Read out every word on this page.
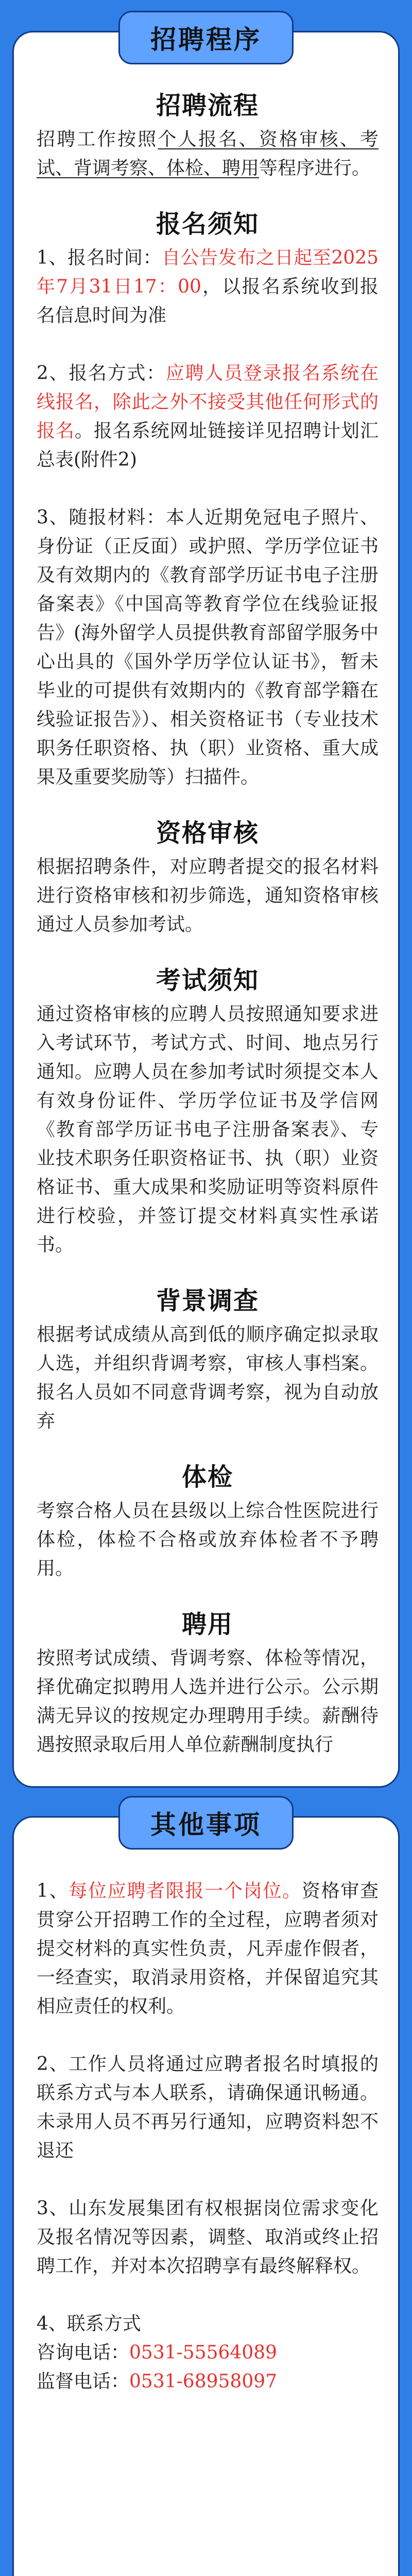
招聘程序
招聘流程

招聘工作按照个人报名、资格审核、考试、背调考察、体检、聘用等程序进行。

报名须知

1、报名时间：自公告发布之日起至2025年7月31日17：00，以报名系统收到报名信息时间为准

2、报名方式：应聘人员登录报名系统在线报名，除此之外不接受其他任何形式的报名。报名系统网址链接详见招聘计划汇总表(附件2)

3、随报材料：本人近期免冠电子照片、身份证（正反面）或护照、学历学位证书及有效期内的《教育部学历证书电子注册备案表》《中国高等教育学位在线验证报告》(海外留学人员提供教育部留学服务中心出具的《国外学历学位认证书》，暂未毕业的可提供有效期内的《教育部学籍在线验证报告》）、相关资格证书（专业技术职务任职资格、执（职）业资格、重大成果及重要奖励等）扫描件。

资格审核

根据招聘条件，对应聘者提交的报名材料进行资格审核和初步筛选，通知资格审核通过人员参加考试。

考试须知

通过资格审核的应聘人员按照通知要求进入考试环节，考试方式、时间、地点另行通知。应聘人员在参加考试时须提交本人有效身份证件、学历学位证书及学信网《教育部学历证书电子注册备案表》、专业技术职务任职资格证书、执（职）业资格证书、重大成果和奖励证明等资料原件进行校验，并签订提交材料真实性承诺书。

背景调查

根据考试成绩从高到低的顺序确定拟录取人选，并组织背调考察，审核人事档案。报名人员如不同意背调考察，视为自动放弃

体检

考察合格人员在县级以上综合性医院进行体检，体检不合格或放弃体检者不予聘用。

聘用

按照考试成绩、背调考察、体检等情况，择优确定拟聘用人选并进行公示。公示期满无异议的按规定办理聘用手续。薪酬待遇按照录取后用人单位薪酬制度执行

其他事项

1、每位应聘者限报一个岗位。资格审查贯穿公开招聘工作的全过程，应聘者须对提交材料的真实性负责，凡弄虚作假者，一经查实，取消录用资格，并保留追究其相应责任的权利。

2、工作人员将通过应聘者报名时填报的联系方式与本人联系，请确保通讯畅通。未录用人员不再另行通知，应聘资料恕不退还

3、山东发展集团有权根据岗位需求变化及报名情况等因素，调整、取消或终止招聘工作，并对本次招聘享有最终解释权。

4、联系方式

咨询电话：0531-55564089

监督电话：0531-68958097
